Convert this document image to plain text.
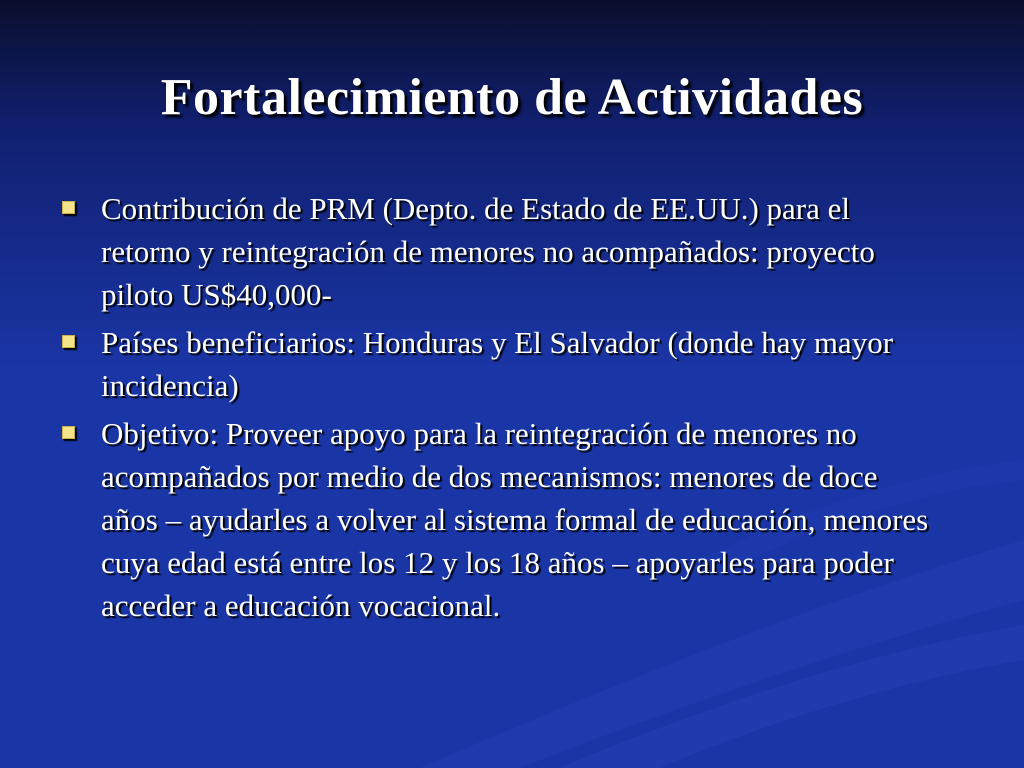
Fortalecimiento de Actividades
Contribución de PRM (Depto. de Estado de EE.UU.) para el retorno y reintegración de menores no acompañados: proyecto piloto US$40,000-
Países beneficiarios: Honduras y El Salvador (donde hay mayor incidencia)
Objetivo: Proveer apoyo para la reintegración de menores no acompañados por medio de dos mecanismos: menores de doce años – ayudarles a volver al sistema formal de educación, menores cuya edad está entre los 12 y los 18 años – apoyarles para poder acceder a educación vocacional.
